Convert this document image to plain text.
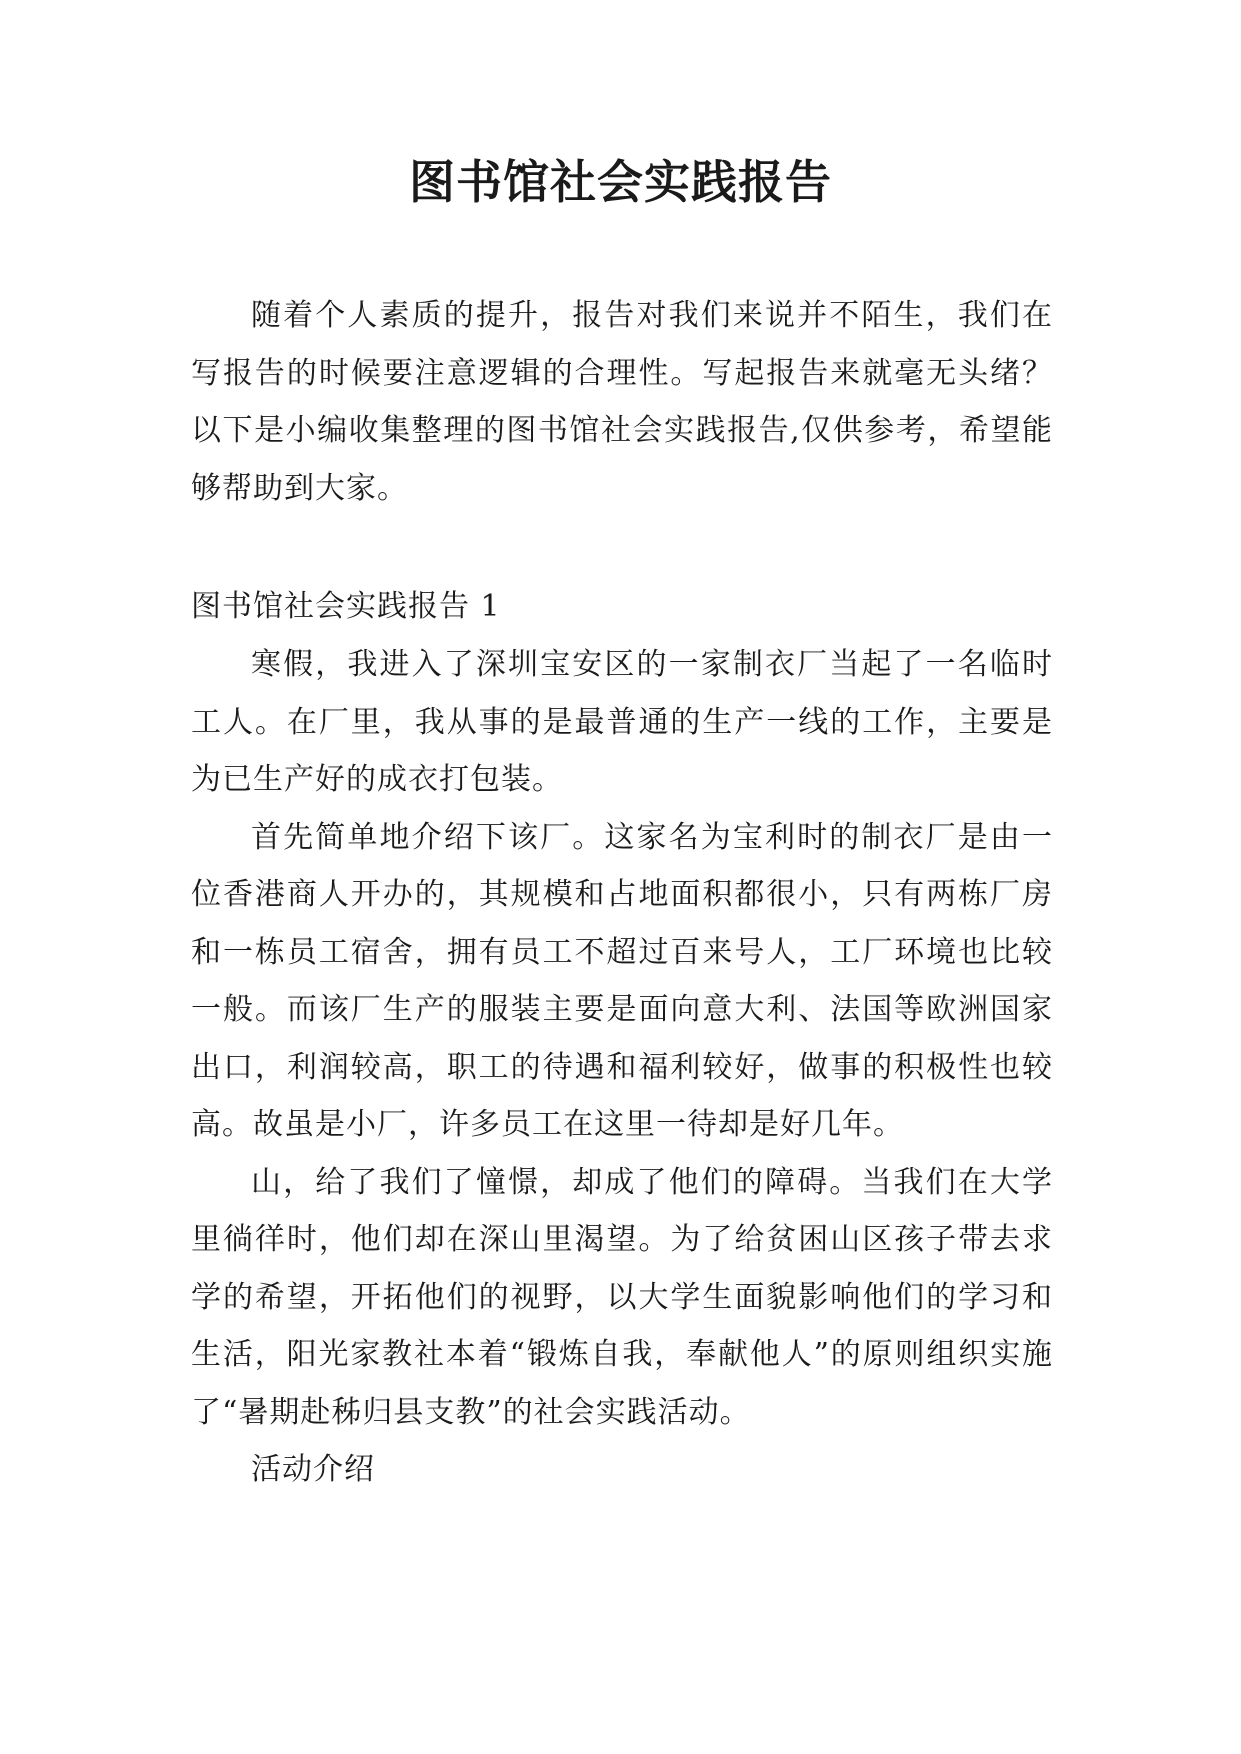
图书馆社会实践报告

随着个人素质的提升，报告对我们来说并不陌生，我们在写报告的时候要注意逻辑的合理性。写起报告来就毫无头绪？以下是小编收集整理的图书馆社会实践报告,仅供参考，希望能够帮助到大家。

图书馆社会实践报告 1

寒假，我进入了深圳宝安区的一家制衣厂当起了一名临时工人。在厂里，我从事的是最普通的生产一线的工作，主要是为已生产好的成衣打包装。

首先简单地介绍下该厂。这家名为宝利时的制衣厂是由一位香港商人开办的，其规模和占地面积都很小，只有两栋厂房和一栋员工宿舍，拥有员工不超过百来号人，工厂环境也比较一般。而该厂生产的服装主要是面向意大利、法国等欧洲国家出口，利润较高，职工的待遇和福利较好，做事的积极性也较高。故虽是小厂，许多员工在这里一待却是好几年。

山，给了我们了憧憬，却成了他们的障碍。当我们在大学里徜徉时，他们却在深山里渴望。为了给贫困山区孩子带去求学的希望，开拓他们的视野，以大学生面貌影响他们的学习和生活，阳光家教社本着“锻炼自我，奉献他人”的原则组织实施了“暑期赴秭归县支教”的社会实践活动。

活动介绍
